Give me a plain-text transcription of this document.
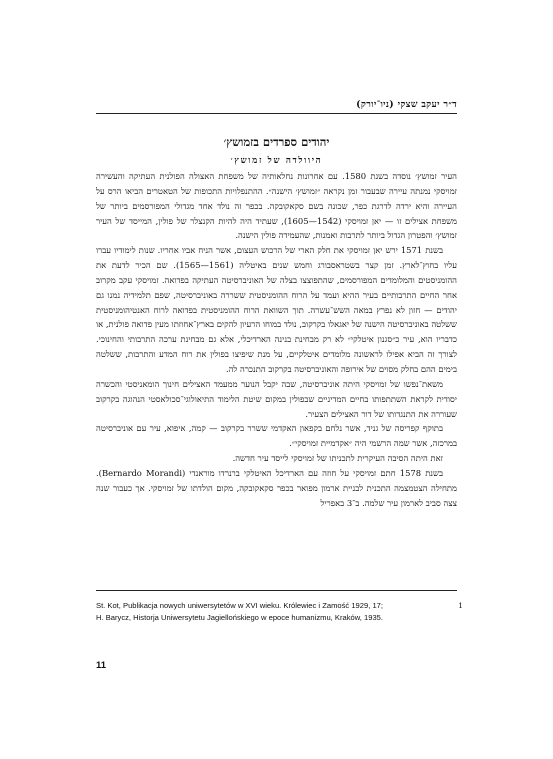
ד״ר יעקב שצקי (ניו־יורק)
יהודים ספרדים בזמושץ׳
היוולדה של זמושץ׳

העיר זמושץ׳ נוסדה בשנת 1580. עם אחרונות נחלאותיה של משפחת האצולה הפולנית העתיקה והעשירה זמויסקי נמנתה עיירה שבעבור זמן נקראה ״זמושץ׳ הישנה״. ההתנפלויות התכופות של הטאטרים הביאו הרס על העיירה והיא ירדה לדרגת כפר, שכונה בשם סקאקובקה. בכפר זה נולד אחד מגדולי המפורסמים ביותר של משפחת אצילים זו — יאן זמויסקי (1542—1605), שעתיד היה להיות הקנצלר של פולין, המייסד של העיר זמושץ׳ והפטרון הגדול ביותר לתרבות ואמנות, שהעמידה פולין הישנה.

בשנת 1571 ירש יאן זמויסקי את חלק הארי של הרכוש העצום, אשר הניח אביו אחריו. שנות לימודיו עברו עליו בחוץ־לארץ. זמן קצר בשטראסבורג וחמש שנים באיטליה (1561—1565). שם הכיר לדעת את ההומניסטים והמלומדים המפורסמים, שהתפוצצו בצלה של האוניברסיטה העתיקה בפדואה. זמויסקי עקב מקרוב אחר החיים התרבותיים בעיר ההיא ועמד על הרוח ההומניסטית ששררה באוניברסיטה, שפם תלמידיה נמנו גם יהודים — חזון לא נפרץ במאה השש־עשרה. תוך השוואת הרוח ההומניסטית בפדואה לרוח האנטיהומניסטית ששלטה באוניברסיטה הישנה של יאגאלו בקרקוב, נולד במוחו הרעיון להקים בארץ־אחוזתו מעין פדואה פולנית, או כדבריו הוא, עיר כ״סגנון איטלקי״ לא רק מבחינת בנינה הארדיכלי, אלא גם מבחינת ערכה התרבותי והחינוכי. לצורך זה הביא אפילו לראשונה מלומדים איטלקיים, על מנת שיפיצו בפולין את רוח המדע והתרבות, ששלטה בימים ההם בחלק מסוים של אירופה והאוניברסיטה בקרקוב התנכרה לה.

משאת־נפשו של זמויסקי היתה אוניברסיטה, שבה יקבל הנוער ממעמד האצילים חינוך הומאניסטי והכשרה יסודית לקראת השתתפותו בחיים המדיניים שבפולין במקום שיטת הלימוד התיאולוגי־סכולאסטי הנהוגה בקרקוב שעוררה את התנגדותו של דור האצילים הצעיר.

בתוקף קפריסה של גניד, אשר נלחם בקפאון האקדמי ששרר בקרקוב — קמה, איפוא, עיר עם אוניברסיטה במרכזה, אשר שמה הרשמי היה ״אקדמיית זמויסקי״.

זאת היתה הסיבה העיקרית לתכניתו של זמויסקי לייסד עיר חדשה.

בשנת 1578 חתם זמויסקי על חוזה עם הארדיכל האיטלקי ברנרדו מוראנדי (Bernardo Morandi). מתחילה הצטמצמה התכנית לבניית ארמון מפואר בכפר סקאקובקה, מקום הולדתו של זמויסקי. אך כעבור שנה צצה סביב לארמון עיר שלמה. ב־3 באפריל

1
St. Kot, Publikacja nowych uniwersytetów w XVI wieku. Królewiec i Zamość 1929, 17;
H. Barycz, Historja Uniwersytetu Jagiellońskiego w epoce humanizmu, Kraków, 1935.
11
